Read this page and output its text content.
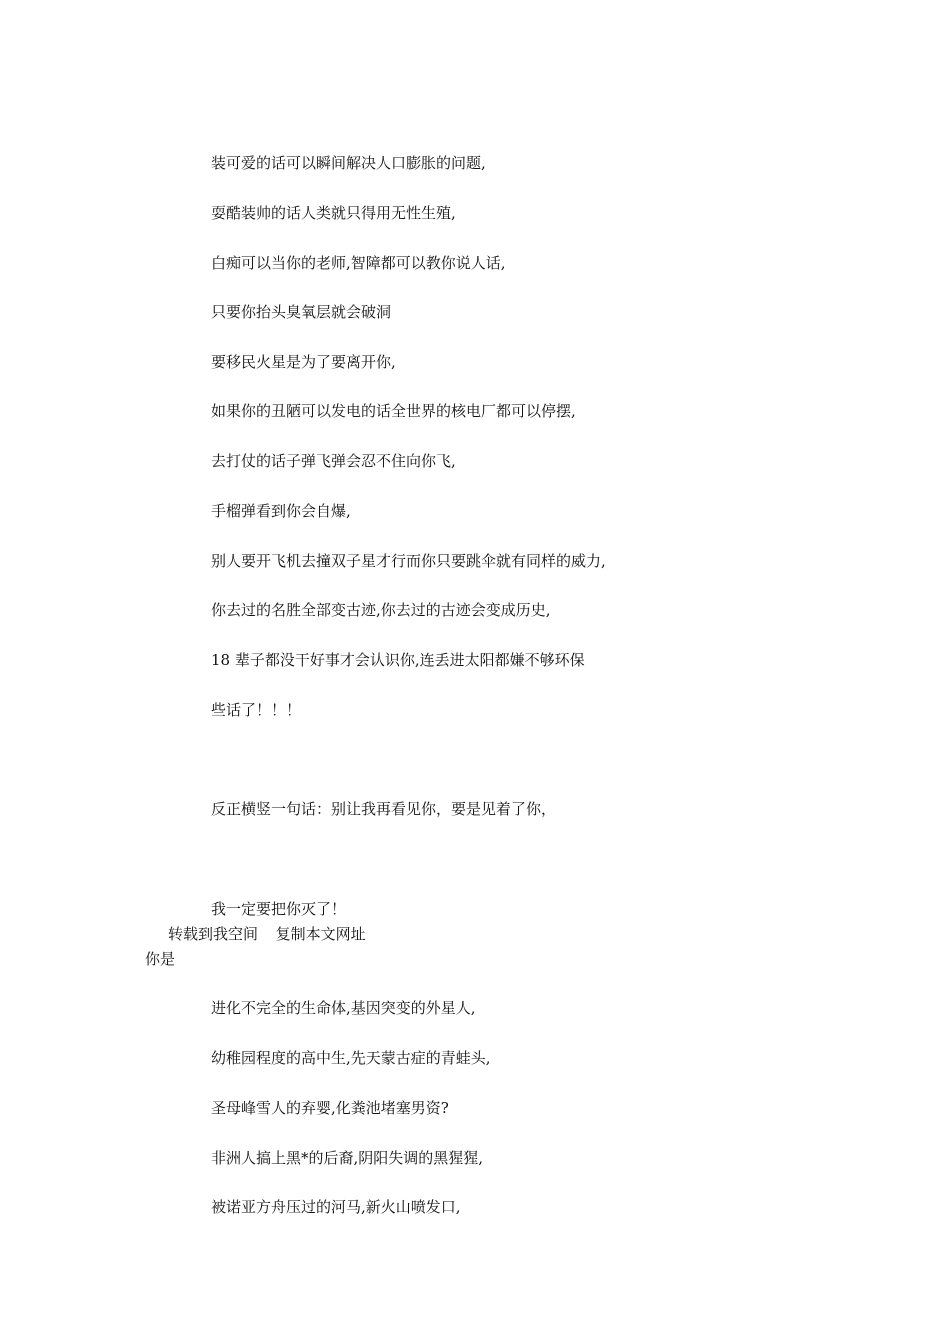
装可爱的话可以瞬间解决人口膨胀的问题,
耍酷装帅的话人类就只得用无性生殖,
白痴可以当你的老师,智障都可以教你说人话,
只要你抬头臭氧层就会破洞
要移民火星是为了要离开你,
如果你的丑陋可以发电的话全世界的核电厂都可以停摆,
去打仗的话子弹飞弹会忍不住向你飞,
手榴弹看到你会自爆,
别人要开飞机去撞双子星才行而你只要跳伞就有同样的威力,
你去过的名胜全部变古迹,你去过的古迹会变成历史,
18 辈子都没干好事才会认识你,连丢进太阳都嫌不够环保
些话了！！！
反正横竖一句话：别让我再看见你，要是见着了你，
我一定要把你灭了！
转载到我空间 复制本文网址
你是
进化不完全的生命体,基因突变的外星人,
幼稚园程度的高中生,先天蒙古症的青蛙头,
圣母峰雪人的弃婴,化粪池堵塞男资?
非洲人搞上黑*的后裔,阴阳失调的黑猩猩,
被诺亚方舟压过的河马,新火山喷发口,
